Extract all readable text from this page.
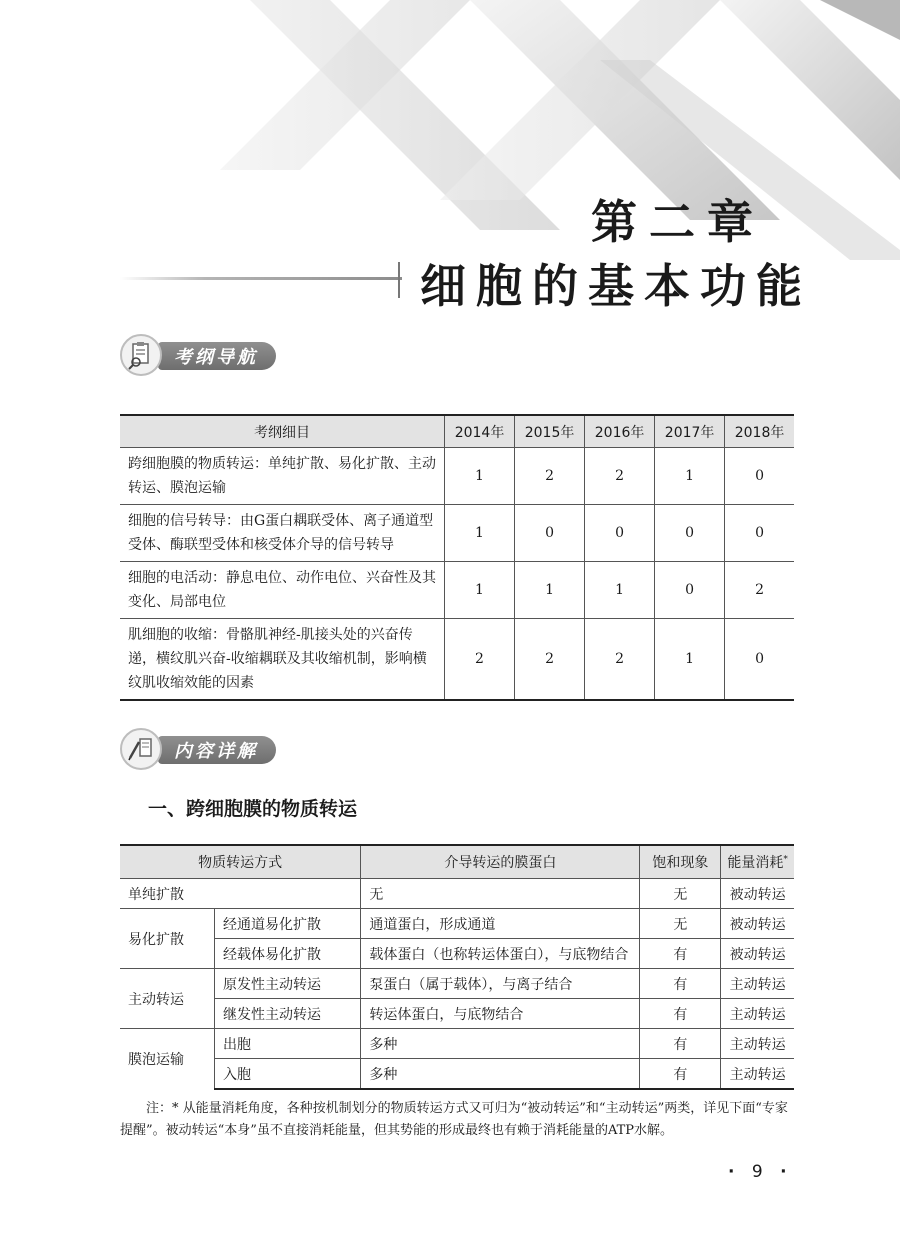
第二章
细胞的基本功能
考纲导航
考纲细目	2014年	2015年	2016年	2017年	2018年
跨细胞膜的物质转运：单纯扩散、易化扩散、主动转运、膜泡运输	1	2	2	1	0
细胞的信号转导：由G蛋白耦联受体、离子通道型受体、酶联型受体和核受体介导的信号转导	1	0	0	0	0
细胞的电活动：静息电位、动作电位、兴奋性及其变化、局部电位	1	1	1	0	2
肌细胞的收缩：骨骼肌神经-肌接头处的兴奋传递，横纹肌兴奋-收缩耦联及其收缩机制，影响横纹肌收缩效能的因素	2	2	2	1	0
内容详解
一、跨细胞膜的物质转运
物质转运方式		介导转运的膜蛋白	饱和现象	能量消耗*
单纯扩散		无	无	被动转运
易化扩散	经通道易化扩散	通道蛋白，形成通道	无	被动转运
	经载体易化扩散	载体蛋白（也称转运体蛋白），与底物结合	有	被动转运
主动转运	原发性主动转运	泵蛋白（属于载体），与离子结合	有	主动转运
	继发性主动转运	转运体蛋白，与底物结合	有	主动转运
膜泡运输	出胞	多种	有	主动转运
	入胞	多种	有	主动转运
注：* 从能量消耗角度，各种按机制划分的物质转运方式又可归为“被动转运”和“主动转运”两类，详见下面“专家提醒”。被动转运“本身”虽不直接消耗能量，但其势能的形成最终也有赖于消耗能量的ATP水解。
· 9 ·
